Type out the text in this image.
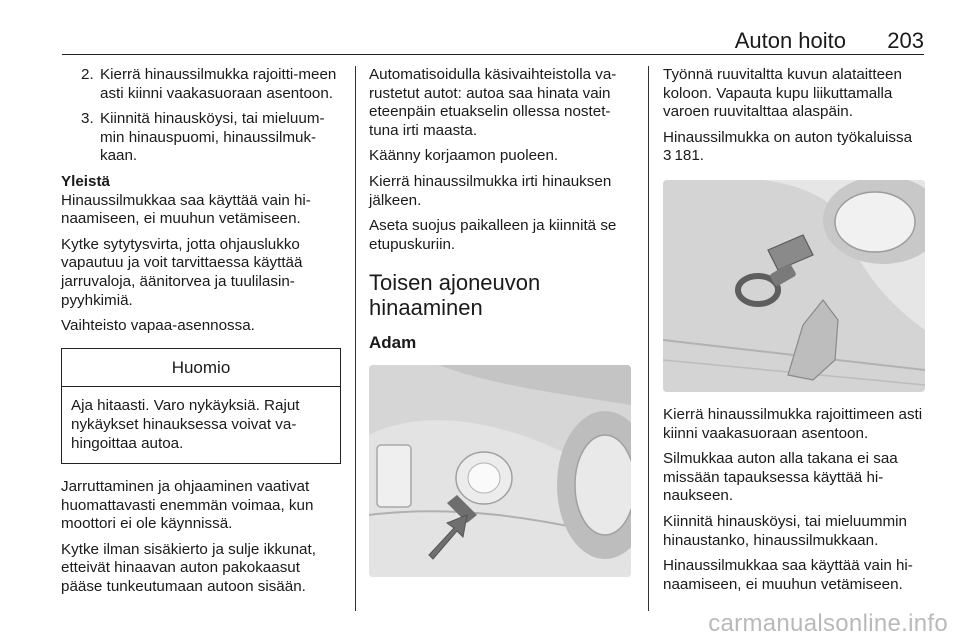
Auton hoito 203
2. Kierrä hinaussilmukka rajoitti-meen asti kiinni vaakasuoraan asentoon.
3. Kiinnitä hinausköysi, tai mieluum-min hinauspuomi, hinaussilmuk-kaan.

Yleistä

Hinaussilmukkaa saa käyttää vain hi-naamiseen, ei muuhun vetämiseen.

Kytke sytytysvirta, jotta ohjauslukko vapautuu ja voit tarvittaessa käyttää jarruvaloja, äänitorvea ja tuulilasin-pyyhkimiä.

Vaihteisto vapaa-asennossa.

Huomio
Aja hitaasti. Varo nykäyksiä. Rajut nykäykset hinauksessa voivat va-hingoittaa autoa.

Jarruttaminen ja ohjaaminen vaativat huomattavasti enemmän voimaa, kun moottori ei ole käynnissä.

Kytke ilman sisäkierto ja sulje ikkunat, etteivät hinaavan auton pakokaasut pääse tunkeutumaan autoon sisään.

Automatisoidulla käsivaihteistolla va-rustetut autot: autoa saa hinata vain eteenpäin etuakselin ollessa nostet-tuna irti maasta.

Käänny korjaamon puoleen.

Kierrä hinaussilmukka irti hinauksen jälkeen.

Aseta suojus paikalleen ja kiinnitä se etupuskuriin.

Toisen ajoneuvon hinaaminen

Adam

Työnnä ruuvitaltta kuvun alataitteen koloon. Vapauta kupu liikuttamalla varoen ruuvitalttaa alaspäin.

Hinaussilmukka on auton työkaluissa
3 181.

Kierrä hinaussilmukka rajoittimeen asti kiinni vaakasuoraan asentoon.

Silmukkaa auton alla takana ei saa missään tapauksessa käyttää hi-naukseen.

Kiinnitä hinausköysi, tai mieluummin hinaustanko, hinaussilmukkaan.

Hinaussilmukkaa saa käyttää vain hi-naamiseen, ei muuhun vetämiseen.

carmanualsonline.info
